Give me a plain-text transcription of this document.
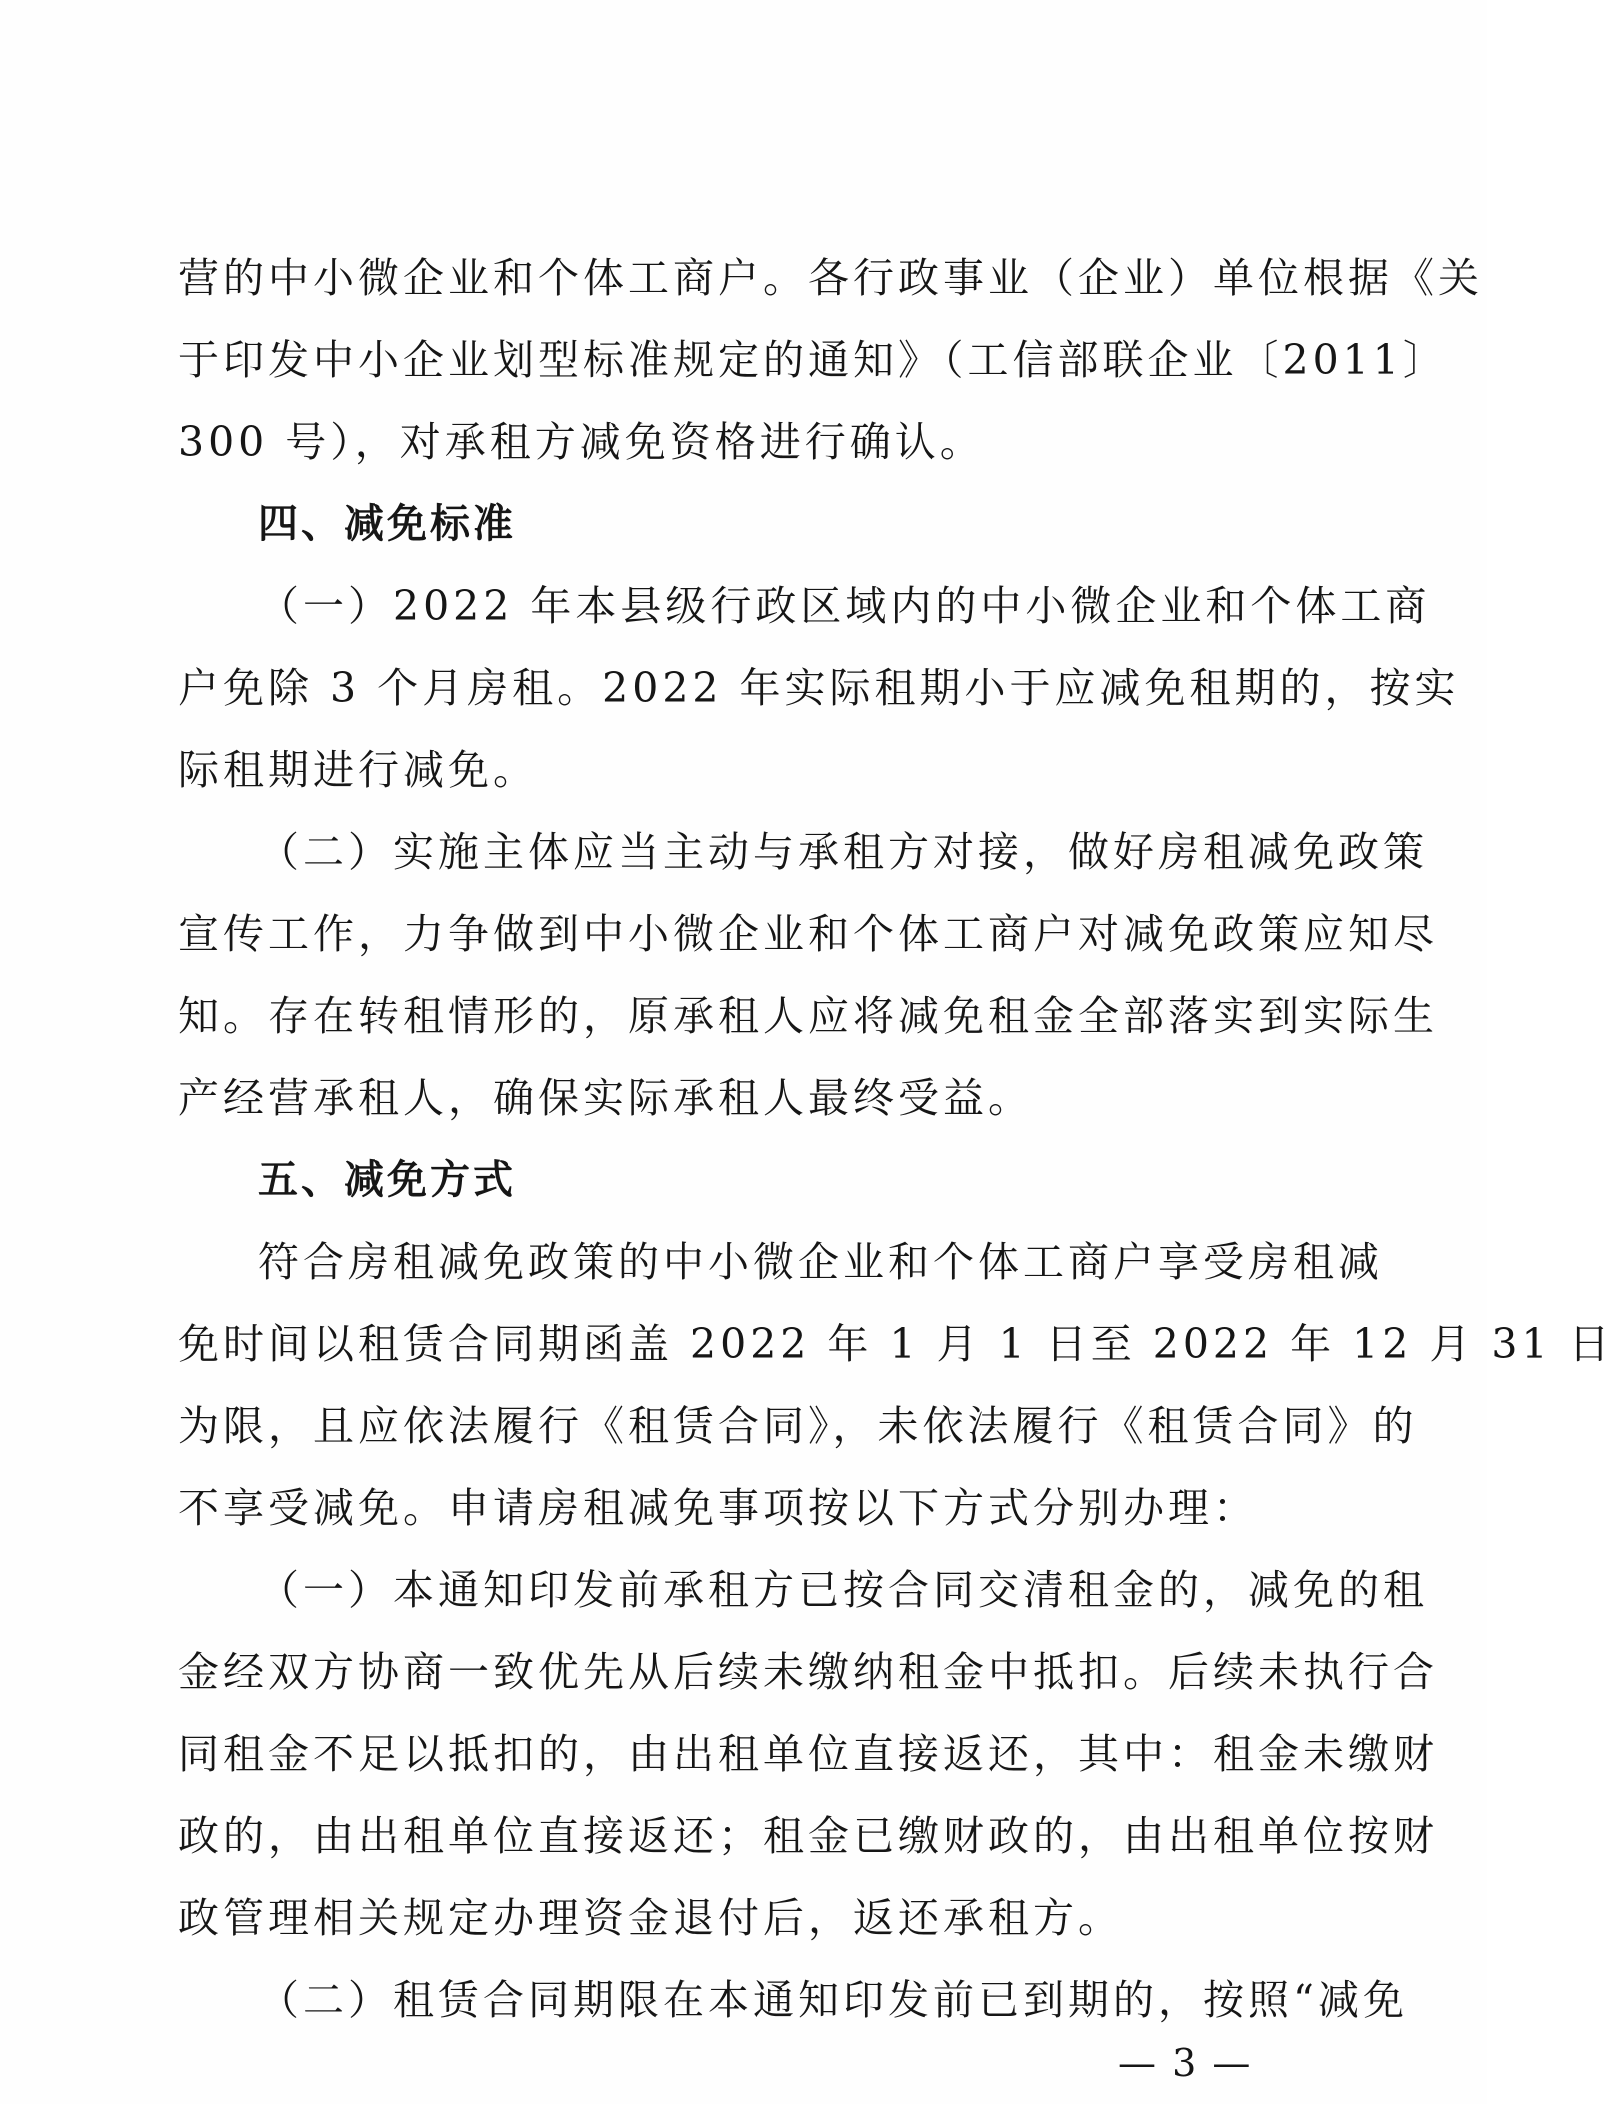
营的中小微企业和个体工商户。各行政事业（企业）单位根据《关
于印发中小企业划型标准规定的通知》（工信部联企业〔2011〕
300 号），对承租方减免资格进行确认。
四、减免标准
（一）2022 年本县级行政区域内的中小微企业和个体工商
户免除 3 个月房租。2022 年实际租期小于应减免租期的，按实
际租期进行减免。
（二）实施主体应当主动与承租方对接，做好房租减免政策
宣传工作，力争做到中小微企业和个体工商户对减免政策应知尽
知。存在转租情形的，原承租人应将减免租金全部落实到实际生
产经营承租人，确保实际承租人最终受益。
五、减免方式
符合房租减免政策的中小微企业和个体工商户享受房租减
免时间以租赁合同期函盖 2022 年 1 月 1 日至 2022 年 12 月 31 日
为限，且应依法履行《租赁合同》，未依法履行《租赁合同》的
不享受减免。申请房租减免事项按以下方式分别办理：
（一）本通知印发前承租方已按合同交清租金的，减免的租
金经双方协商一致优先从后续未缴纳租金中抵扣。后续未执行合
同租金不足以抵扣的，由出租单位直接返还，其中：租金未缴财
政的，由出租单位直接返还；租金已缴财政的，由出租单位按财
政管理相关规定办理资金退付后，返还承租方。
（二）租赁合同期限在本通知印发前已到期的，按照“减免
— 3 —
